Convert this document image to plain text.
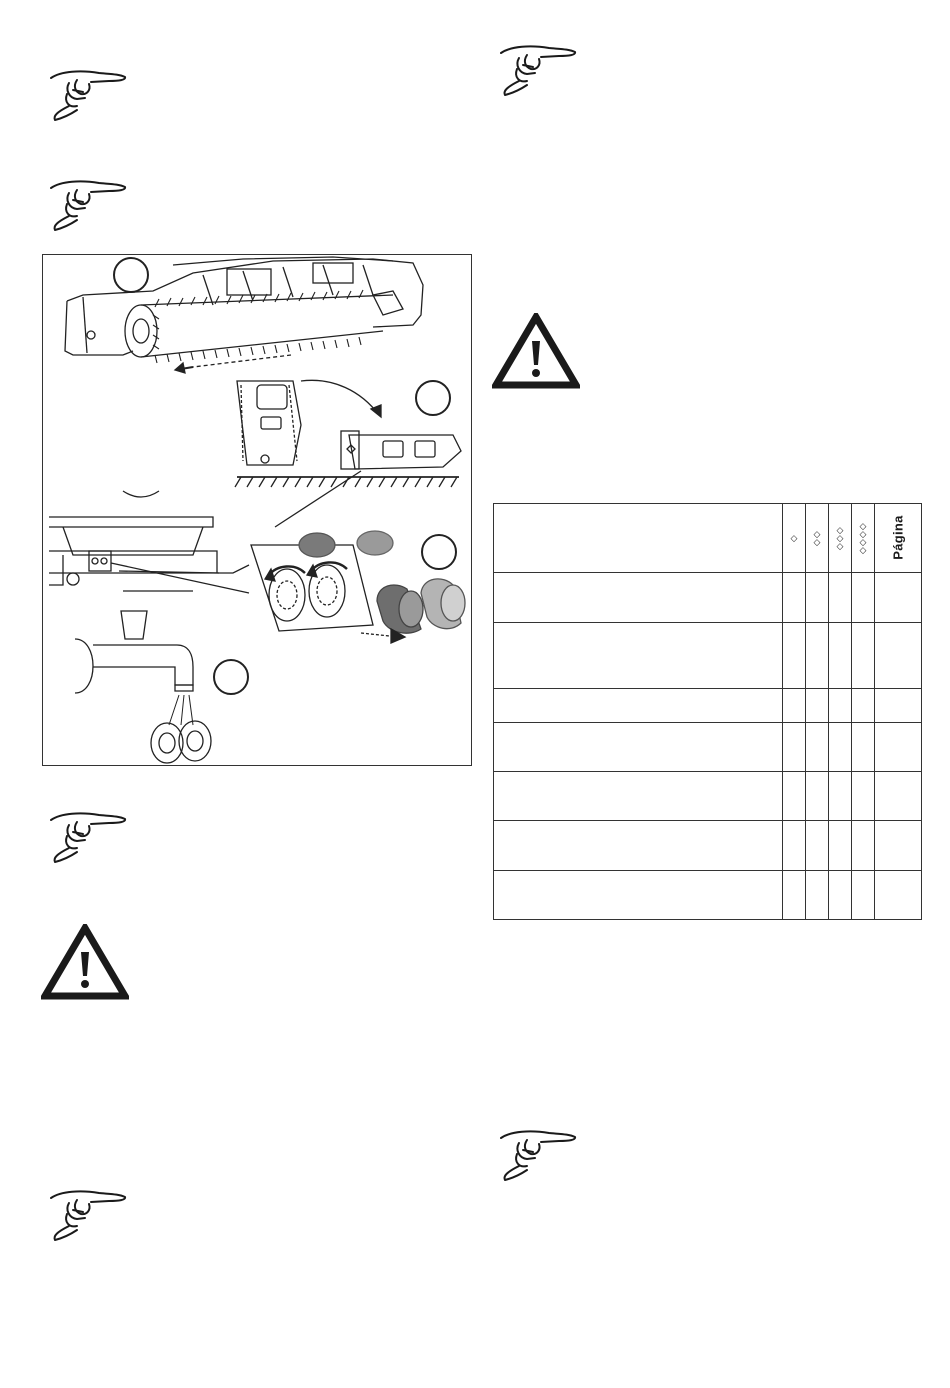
	◇	◇◇	◇◇◇	◇◇◇◇	Página
